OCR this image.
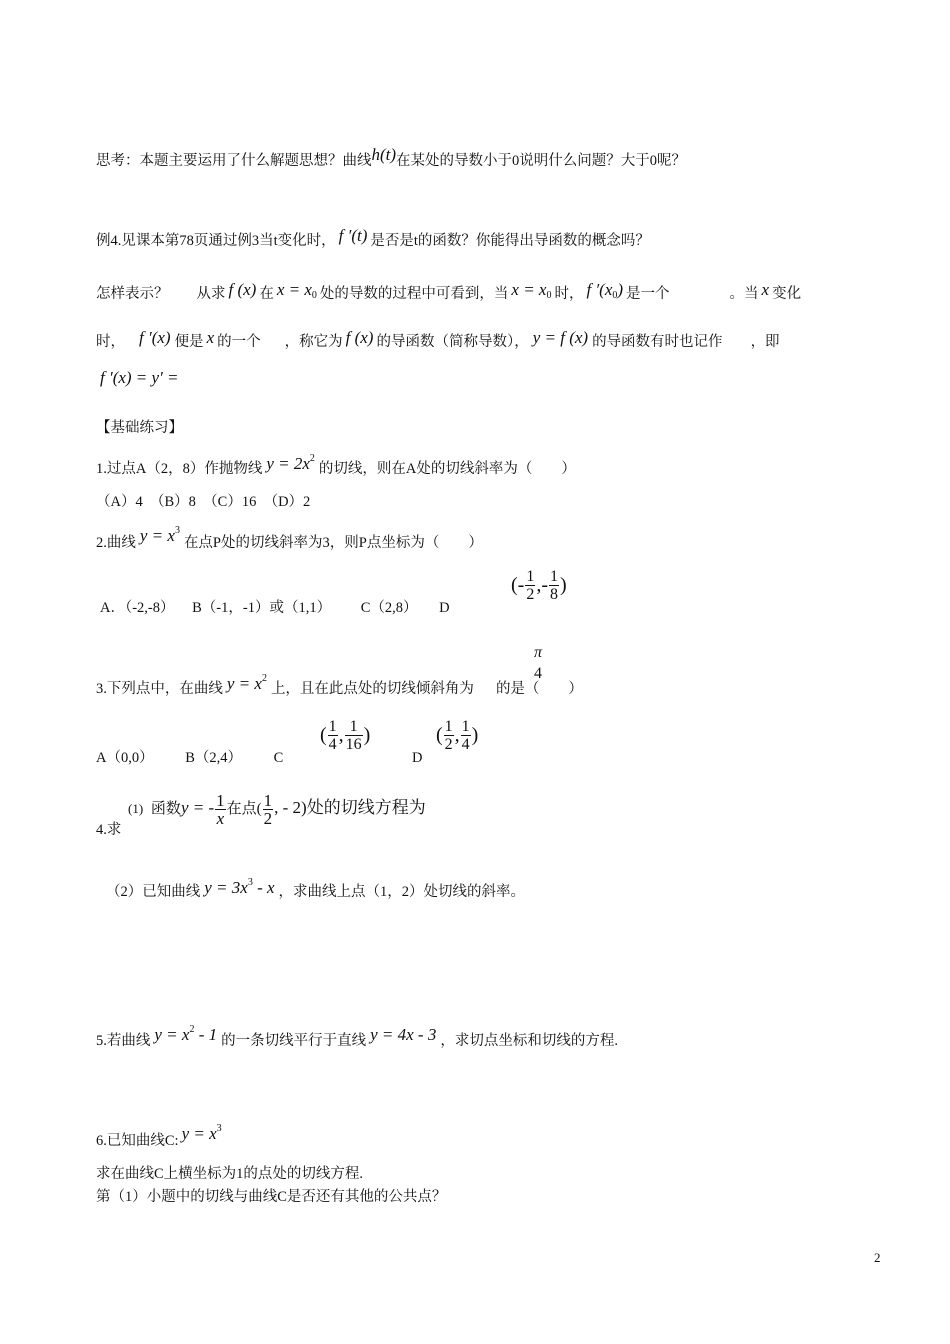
思考：本题主要运用了什么解题思想？曲线h(t)在某处的导数小于0说明什么问题？大于0呢？
例4.见课本第78页通过例3当t变化时， f ′(t) 是否是t的函数？你能得出导函数的概念吗？
怎样表示？ 从求 f (x) 在 $x = x_0$ 处的导数的过程中可看到，当 $x = x_0$ 时， f $'(x_0)$ 是一个	。当 x 变化
时， f ′(x) 便是 x 的一个 ，称它为 f (x) 的导函数（简称导数）， y = f (x) 的导函数有时也记作 ，即
f ′(x) = y′ =
【基础练习】
1.过点A（2，8）作抛物线 $y = 2x^2$的切线，则在A处的切线斜率为（　　）
（A）4　（B）8　（C）16　（D）2
2.曲线 $y = x^3$在点P处的切线斜率为3，则P点坐标为（　　）
A．（-2,-8） B（-1，-1）或（1,1） C（2,8） D
(- $\frac{1}{2}$ ,- $\frac{1}{8}$ )
3.下列点中，在曲线 $y = x^2$上，且在此点处的切线倾斜角为 的是（　　）
π
4
A（0,0） B（2,4） C
( $\frac{1}{4}$ , $\frac{1}{16}$ )
D
( $\frac{1}{2}$ , $\frac{1}{4}$ )
4.求
(1) 函数y = - $\frac{1}{x}$ 在点( $\frac{1}{2}$ , - 2)处的切线方程为
（2）已知曲线 $y = 3x^3 - x$ ，求曲线上点（1，2）处切线的斜率。
5.若曲线 $y = x^2 - 1$ 的一条切线平行于直线 y = 4x - 3 ，求切点坐标和切线的方程.
6.已知曲线C: $y = x^3$
求在曲线C上横坐标为1的点处的切线方程.
第（1）小题中的切线与曲线C是否还有其他的公共点？
2
